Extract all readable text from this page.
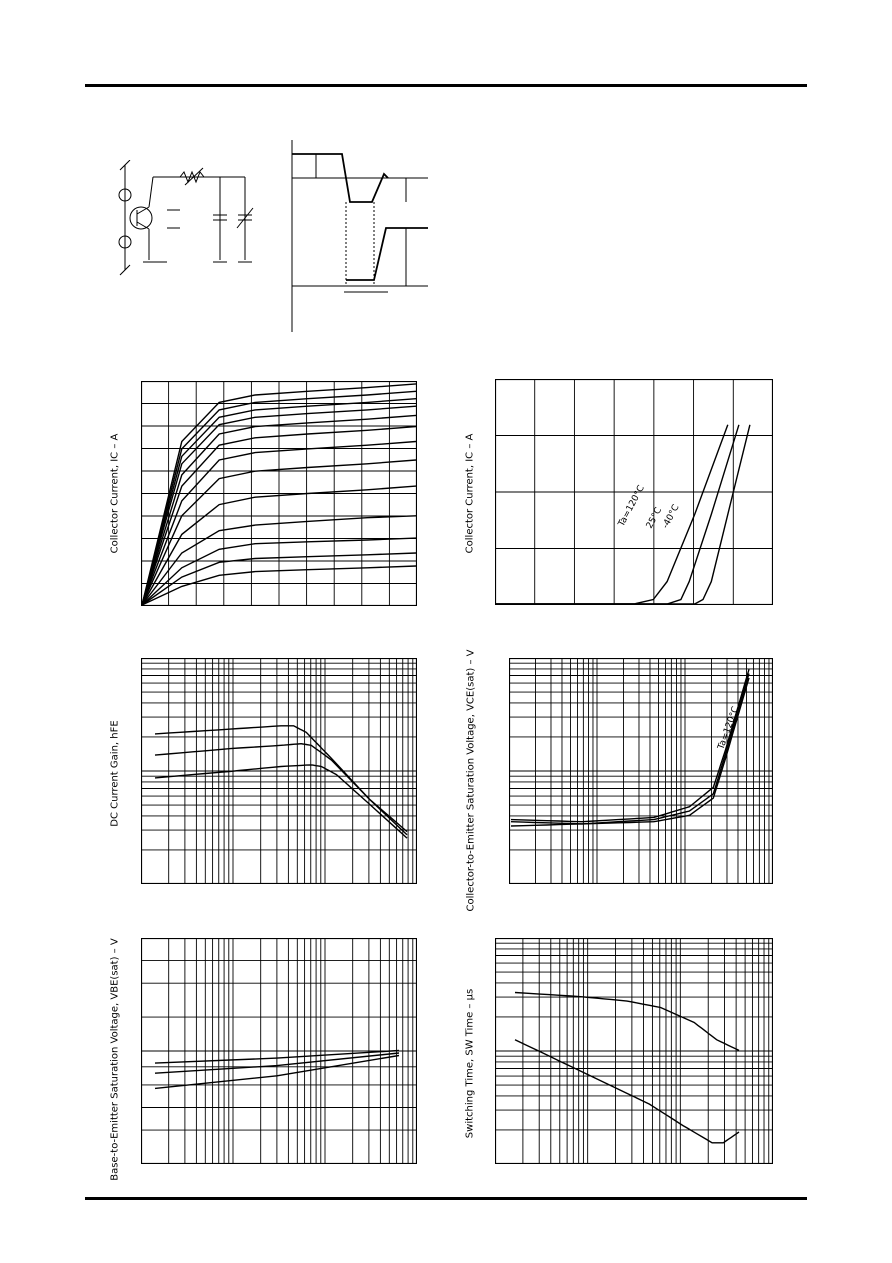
Ta=120°C
25°C
-40°C
Ta=120°C
Collector Current, IC – A	Collector Current, IC – A
DC Current Gain, hFE	Collector-to-Emitter Saturation Voltage, VCE(sat) – V
Base-to-Emitter Saturation Voltage, VBE(sat) – V	Switching Time, SW Time – μs
